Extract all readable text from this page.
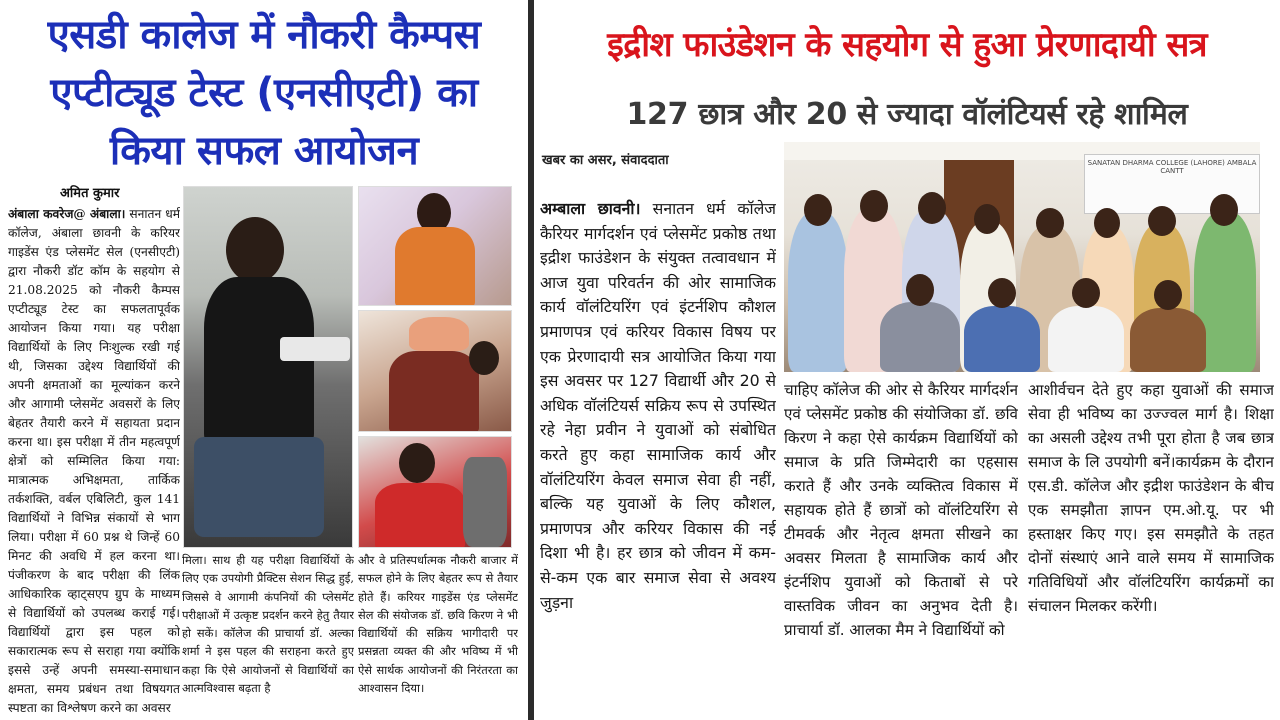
एसडी कालेज में नौकरी कैम्पस एप्टीट्यूड टेस्ट (एनसीएटी) का किया सफल आयोजन
अमित कुमार
अंबाला कवरेज@ अंबाला। सनातन धर्म कॉलेज, अंबाला छावनी के करियर गाइडेंस एंड प्लेसमेंट सेल (एनसीएटी) द्वारा नौकरी डॉट कॉम के सहयोग से 21.08.2025 को नौकरी कैम्पस एप्टीट्यूड टेस्ट का सफलतापूर्वक आयोजन किया गया। यह परीक्षा विद्यार्थियों के लिए निःशुल्क रखी गई थी, जिसका उद्देश्य विद्यार्थियों की अपनी क्षमताओं का मूल्यांकन करने और आगामी प्लेसमेंट अवसरों के लिए बेहतर तैयारी करने में सहायता प्रदान करना था। इस परीक्षा में तीन महत्वपूर्ण क्षेत्रों को सम्मिलित किया गया: मात्रात्मक अभिक्षमता, तार्किक तर्कशक्ति, वर्बल एबिलिटी, कुल 141 विद्यार्थियों ने विभिन्न संकायों से भाग लिया। परीक्षा में 60 प्रश्न थे जिन्हें 60 मिनट की अवधि में हल करना था। पंजीकरण के बाद परीक्षा की लिंक आधिकारिक व्हाट्सएप ग्रुप के माध्यम से विद्यार्थियों को उपलब्ध कराई गई। विद्यार्थियों द्वारा इस पहल को सकारात्मक रूप से सराहा गया क्योंकि इससे उन्हें अपनी समस्या-समाधान क्षमता, समय प्रबंधन तथा विषयगत स्पष्टता का विश्लेषण करने का अवसर
मिला। साथ ही यह परीक्षा विद्यार्थियों के लिए एक उपयोगी प्रैक्टिस सेशन सिद्ध हुई, जिससे वे आगामी कंपनियों की प्लेसमेंट परीक्षाओं में उत्कृष्ट प्रदर्शन करने हेतु तैयार हो सकें। कॉलेज की प्राचार्या डॉ. अल्का शर्मा ने इस पहल की सराहना करते हुए कहा कि ऐसे आयोजनों से विद्यार्थियों का आत्मविश्वास बढ़ता है
और वे प्रतिस्पर्धात्मक नौकरी बाजार में सफल होने के लिए बेहतर रूप से तैयार होते हैं। करियर गाइडेंस एंड प्लेसमेंट सेल की संयोजक डॉ. छवि किरण ने भी विद्यार्थियों की सक्रिय भागीदारी पर प्रसन्नता व्यक्त की और भविष्य में भी ऐसे सार्थक आयोजनों की निरंतरता का आश्वासन दिया।
इद्रीश फाउंडेशन के सहयोग से हुआ प्रेरणादायी सत्र
127 छात्र और 20 से ज्यादा वॉलंटियर्स रहे शामिल
खबर का असर, संवाददाता
अम्बाला छावनी। सनातन धर्म कॉलेज कैरियर मार्गदर्शन एवं प्लेसमेंट प्रकोष्ठ तथा इद्रीश फाउंडेशन के संयुक्त तत्वावधान में आज युवा परिवर्तन की ओर सामाजिक कार्य वॉलंटियरिंग एवं इंटर्नशिप कौशल प्रमाणपत्र एवं करियर विकास विषय पर एक प्रेरणादायी सत्र आयोजित किया गया इस अवसर पर 127 विद्यार्थी और 20 से अधिक वॉलंटियर्स सक्रिय रूप से उपस्थित रहे नेहा प्रवीन ने युवाओं को संबोधित करते हुए कहा सामाजिक कार्य और वॉलंटियरिंग केवल समाज सेवा ही नहीं, बल्कि यह युवाओं के लिए कौशल, प्रमाणपत्र और करियर विकास की नई दिशा भी है। हर छात्र को जीवन में कम-से-कम एक बार समाज सेवा से अवश्य जुड़ना
SANATAN DHARMA COLLEGE (LAHORE) AMBALA CANTT
चाहिए कॉलेज की ओर से कैरियर मार्गदर्शन एवं प्लेसमेंट प्रकोष्ठ की संयोजिका डॉ. छवि किरण ने कहा ऐसे कार्यक्रम विद्यार्थियों को समाज के प्रति जिम्मेदारी का एहसास कराते हैं और उनके व्यक्तित्व विकास में सहायक होते हैं छात्रों को वॉलंटियरिंग से टीमवर्क और नेतृत्व क्षमता सीखने का अवसर मिलता है सामाजिक कार्य और इंटर्नशिप युवाओं को किताबों से परे वास्तविक जीवन का अनुभव देती है। प्राचार्या डॉ. आलका मैम ने विद्यार्थियों को
आशीर्वचन देते हुए कहा युवाओं की समाज सेवा ही भविष्य का उज्ज्वल मार्ग है। शिक्षा का असली उद्देश्य तभी पूरा होता है जब छात्र समाज के लि उपयोगी बनें।कार्यक्रम के दौरान एस.डी. कॉलेज और इद्रीश फाउंडेशन के बीच एक समझौता ज्ञापन एम.ओ.यू. पर भी हस्ताक्षर किए गए। इस समझौते के तहत दोनों संस्थाएं आने वाले समय में सामाजिक गतिविधियों और वॉलंटियरिंग कार्यक्रमों का संचालन मिलकर करेंगी।
